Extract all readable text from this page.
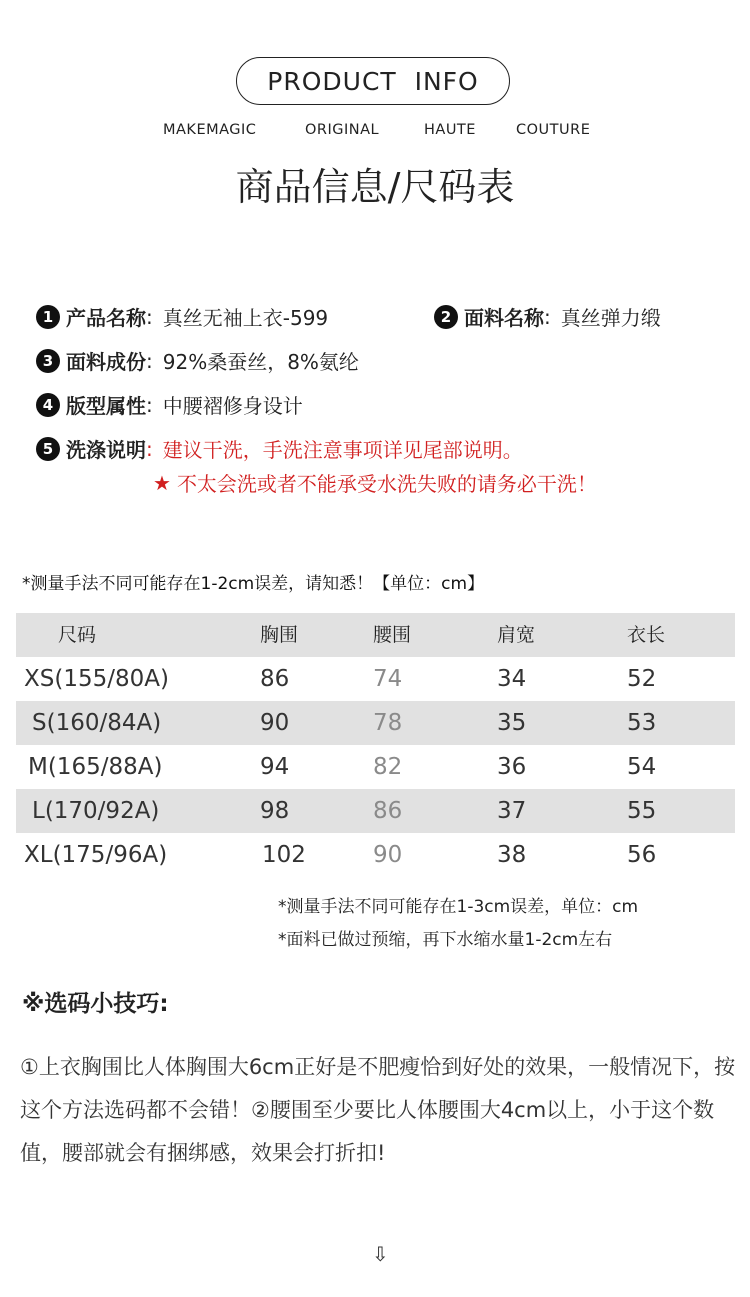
PRODUCT  INFO
MAKEMAGIC	ORIGINAL	HAUTE	COUTURE
商品信息/尺码表
1 产品名称 : 真丝无袖上衣-599	2 面料名称 : 真丝弹力缎
3 面料成份 : 92%桑蚕丝，8%氨纶
4 版型属性 : 中腰褶修身设计
5 洗涤说明 : 建议干洗，手洗注意事项详见尾部说明。
★ 不太会洗或者不能承受水洗失败的请务必干洗！
*测量手法不同可能存在1-2cm误差，请知悉！【单位：cm】
尺码	胸围	腰围	肩宽	衣长
XS(155/80A)	86	74	34	52
S(160/84A)	90	78	35	53
M(165/88A)	94	82	36	54
L(170/92A)	98	86	37	55
XL(175/96A)	102	90	38	56
*测量手法不同可能存在1-3cm误差，单位：cm
*面料已做过预缩，再下水缩水量1-2cm左右
※选码小技巧:
①上衣胸围比人体胸围大6cm正好是不肥瘦恰到好处的效果，一般情况下，按这个方法选码都不会错！②腰围至少要比人体腰围大4cm以上，小于这个数值，腰部就会有捆绑感，效果会打折扣!
⇩
